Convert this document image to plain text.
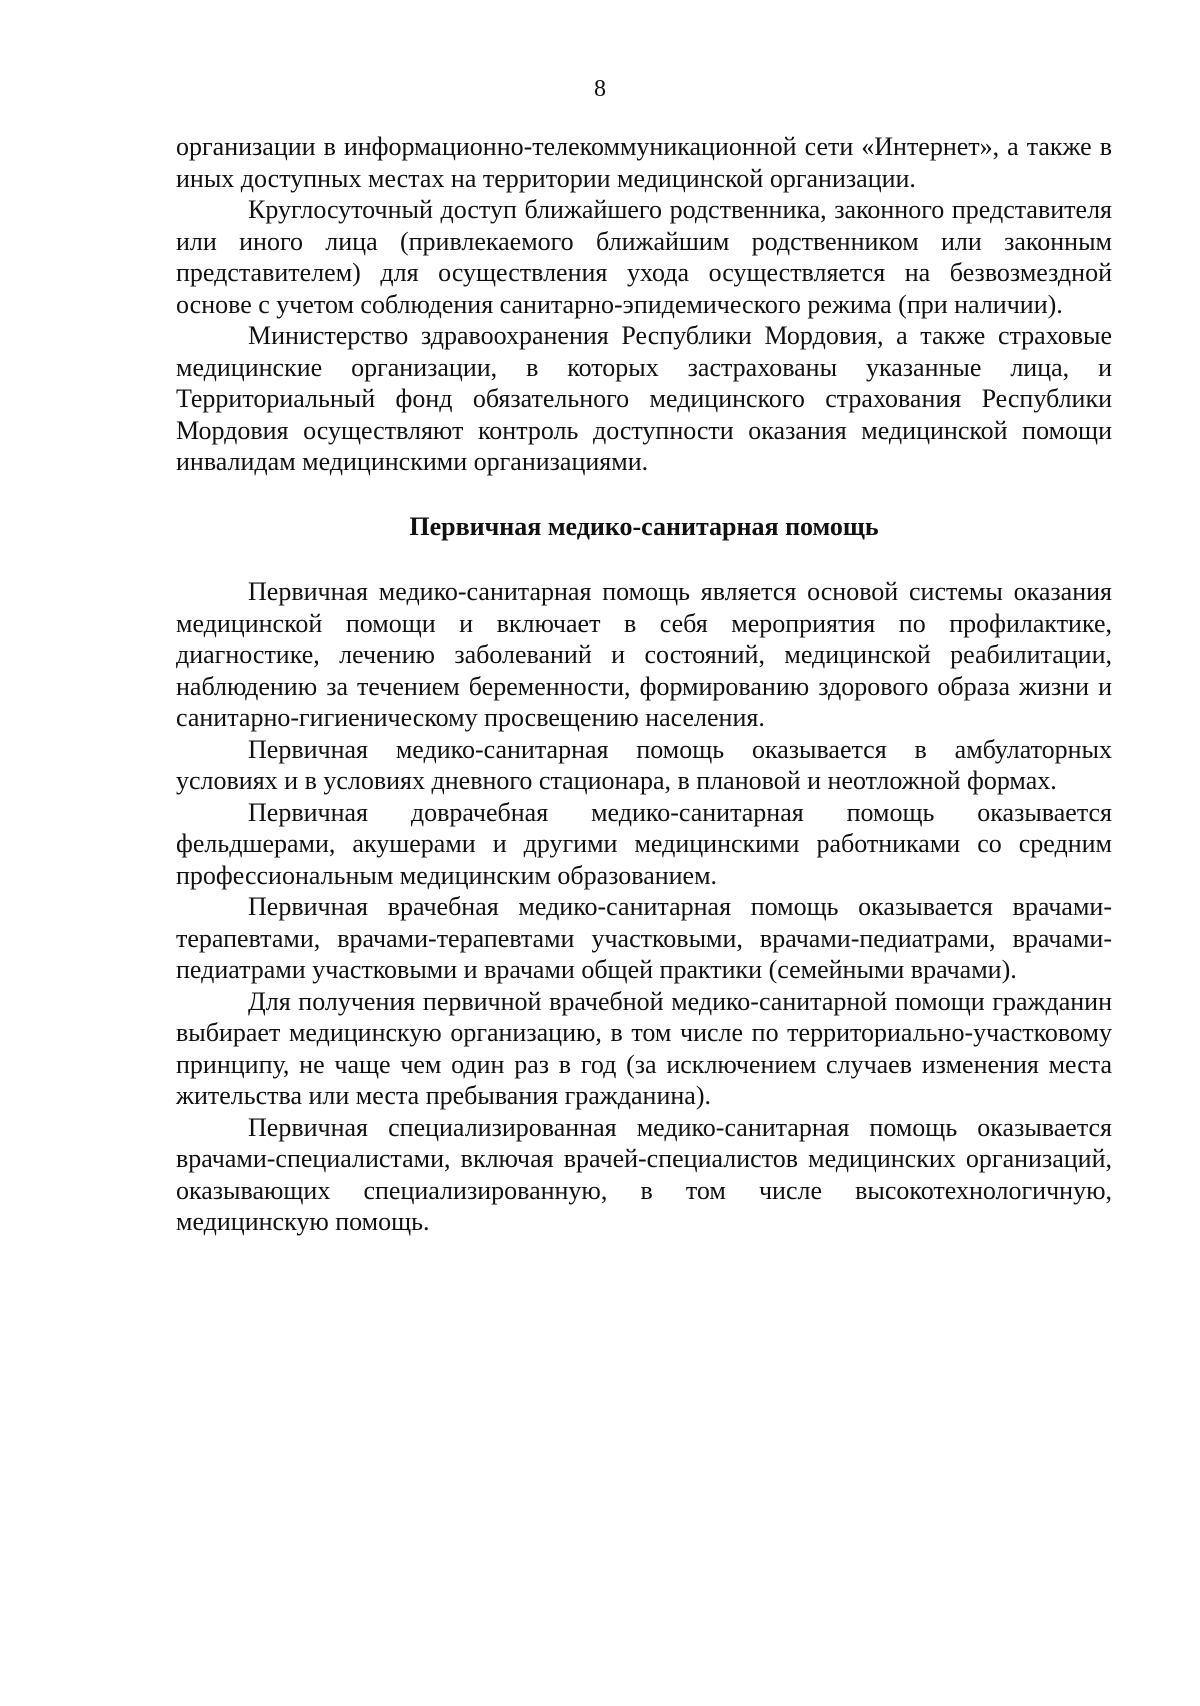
8

организации в информационно-телекоммуникационной сети «Интернет», а также в иных доступных местах на территории медицинской организации.

Круглосуточный доступ ближайшего родственника, законного представителя или иного лица (привлекаемого ближайшим родственником или законным представителем) для осуществления ухода осуществляется на безвозмездной основе с учетом соблюдения санитарно-эпидемического режима (при наличии).

Министерство здравоохранения Республики Мордовия, а также страховые медицинские организации, в которых застрахованы указанные лица, и Территориальный фонд обязательного медицинского страхования Республики Мордовия осуществляют контроль доступности оказания медицинской помощи инвалидам медицинскими организациями.

Первичная медико-санитарная помощь

Первичная медико-санитарная помощь является основой системы оказания медицинской помощи и включает в себя мероприятия по профилактике, диагностике, лечению заболеваний и состояний, медицинской реабилитации, наблюдению за течением беременности, формированию здорового образа жизни и санитарно-гигиеническому просвещению населения.

Первичная медико-санитарная помощь оказывается в амбулаторных условиях и в условиях дневного стационара, в плановой и неотложной формах.

Первичная доврачебная медико-санитарная помощь оказывается фельдшерами, акушерами и другими медицинскими работниками со средним профессиональным медицинским образованием.

Первичная врачебная медико-санитарная помощь оказывается врачами-терапевтами, врачами-терапевтами участковыми, врачами-педиатрами, врачами-педиатрами участковыми и врачами общей практики (семейными врачами).

Для получения первичной врачебной медико-санитарной помощи гражданин выбирает медицинскую организацию, в том числе по территориально-участковому принципу, не чаще чем один раз в год (за исключением случаев изменения места жительства или места пребывания гражданина).

Первичная специализированная медико-санитарная помощь оказывается врачами-специалистами, включая врачей-специалистов медицинских организаций, оказывающих специализированную, в том числе высокотехнологичную, медицинскую помощь.
